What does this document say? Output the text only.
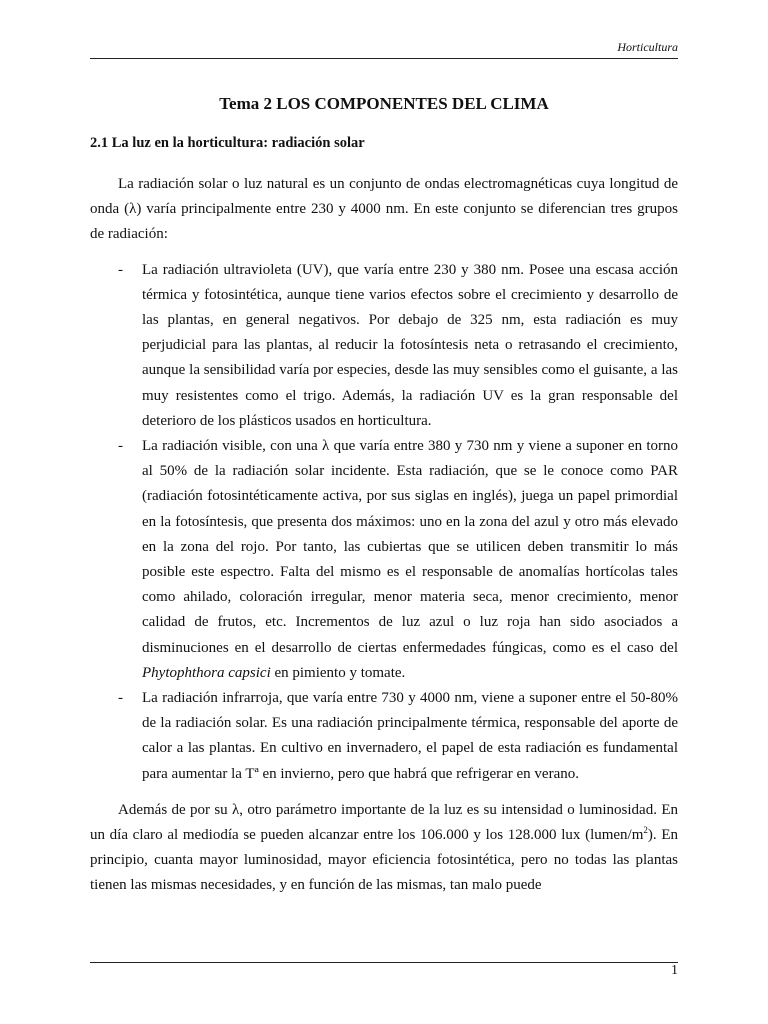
Horticultura
Tema 2 LOS COMPONENTES DEL CLIMA
2.1 La luz en la horticultura: radiación solar

La radiación solar o luz natural es un conjunto de ondas electromagnéticas cuya longitud de onda (λ) varía principalmente entre 230 y 4000 nm. En este conjunto se diferencian tres grupos de radiación:

- La radiación ultravioleta (UV), que varía entre 230 y 380 nm. Posee una escasa acción térmica y fotosintética, aunque tiene varios efectos sobre el crecimiento y desarrollo de las plantas, en general negativos. Por debajo de 325 nm, esta radiación es muy perjudicial para las plantas, al reducir la fotosíntesis neta o retrasando el crecimiento, aunque la sensibilidad varía por especies, desde las muy sensibles como el guisante, a las muy resistentes como el trigo. Además, la radiación UV es la gran responsable del deterioro de los plásticos usados en horticultura.
- La radiación visible, con una λ que varía entre 380 y 730 nm y viene a suponer en torno al 50% de la radiación solar incidente. Esta radiación, que se le conoce como PAR (radiación fotosintéticamente activa, por sus siglas en inglés), juega un papel primordial en la fotosíntesis, que presenta dos máximos: uno en la zona del azul y otro más elevado en la zona del rojo. Por tanto, las cubiertas que se utilicen deben transmitir lo más posible este espectro. Falta del mismo es el responsable de anomalías hortícolas tales como ahilado, coloración irregular, menor materia seca, menor crecimiento, menor calidad de frutos, etc. Incrementos de luz azul o luz roja han sido asociados a disminuciones en el desarrollo de ciertas enfermedades fúngicas, como es el caso del Phytophthora capsici en pimiento y tomate.
- La radiación infrarroja, que varía entre 730 y 4000 nm, viene a suponer entre el 50-80% de la radiación solar. Es una radiación principalmente térmica, responsable del aporte de calor a las plantas. En cultivo en invernadero, el papel de esta radiación es fundamental para aumentar la Tª en invierno, pero que habrá que refrigerar en verano.

Además de por su λ, otro parámetro importante de la luz es su intensidad o luminosidad. En un día claro al mediodía se pueden alcanzar entre los 106.000 y los 128.000 lux $(lumen/m^2)$. En principio, cuanta mayor luminosidad, mayor eficiencia fotosintética, pero no todas las plantas tienen las mismas necesidades, y en función de las mismas, tan malo puede

1
